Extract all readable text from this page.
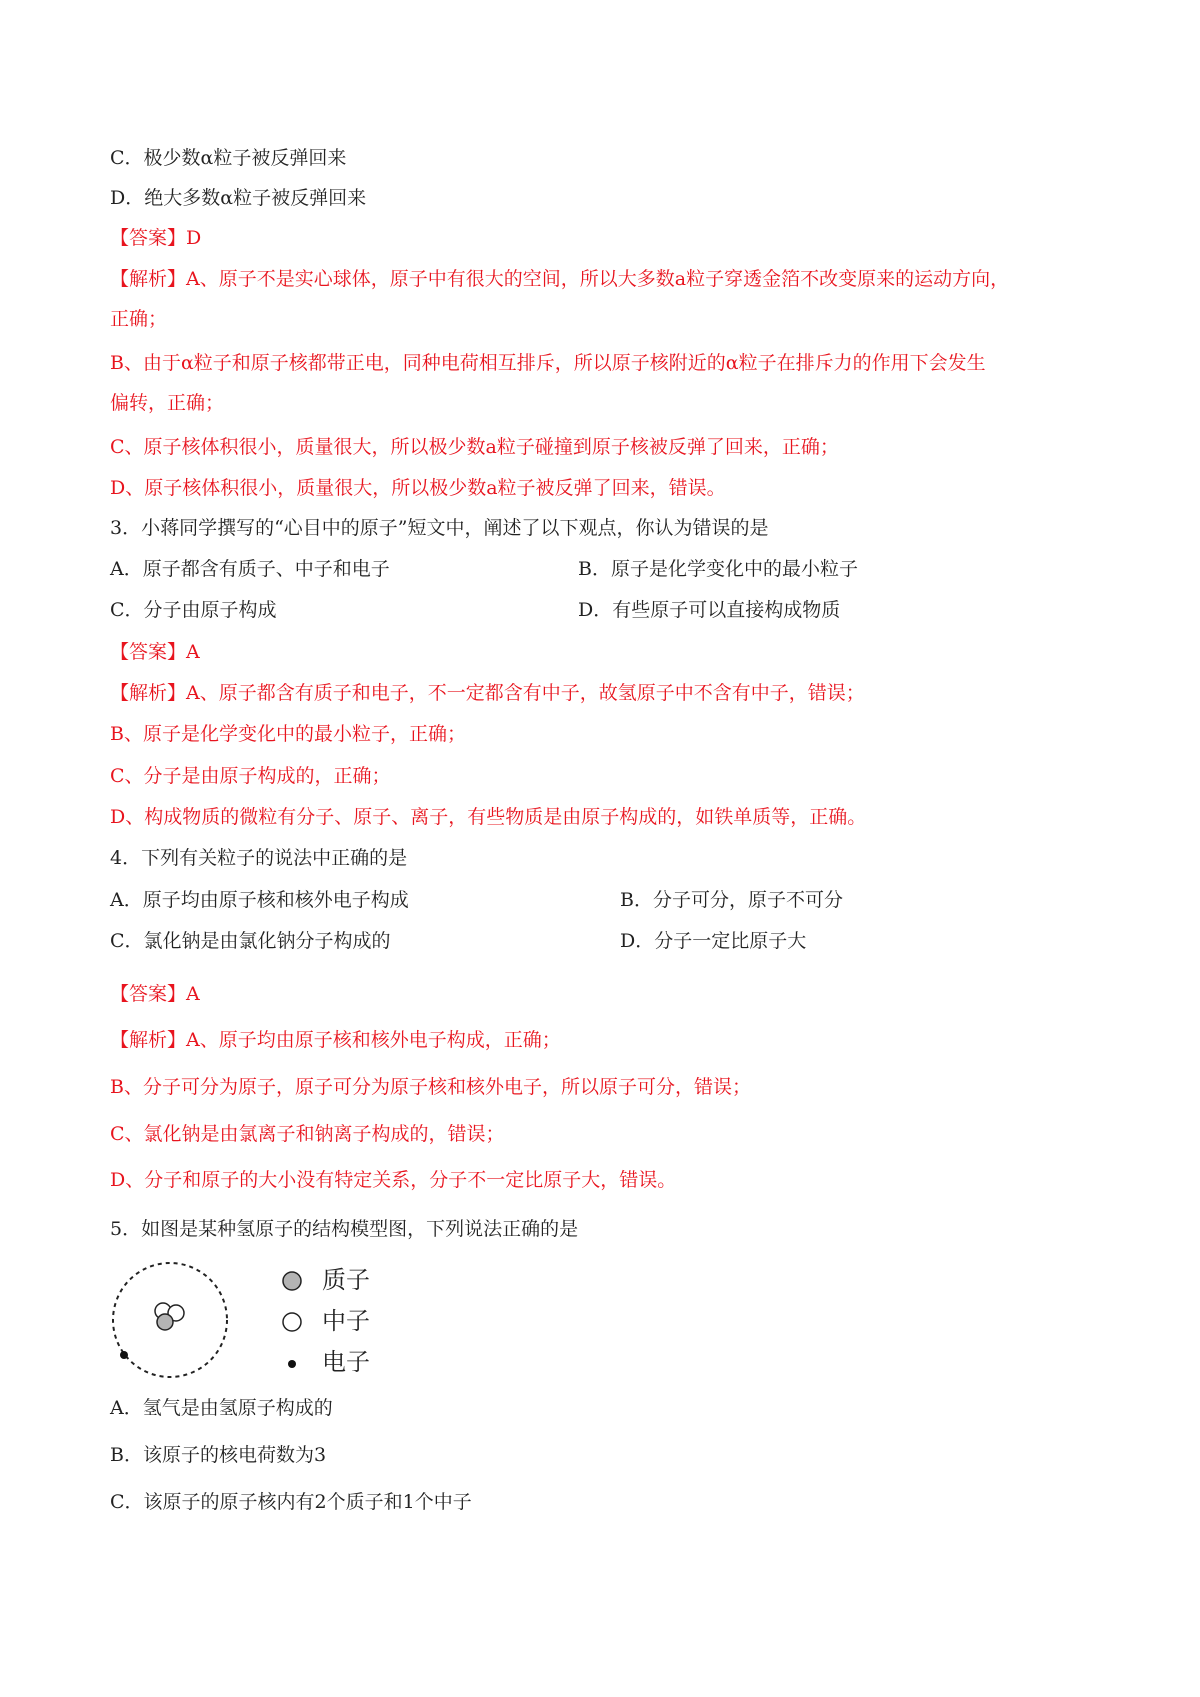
C．极少数α粒子被反弹回来
D．绝大多数α粒子被反弹回来
【答案】D
【解析】A、原子不是实心球体，原子中有很大的空间，所以大多数a粒子穿透金箔不改变原来的运动方向，
正确；
B、由于α粒子和原子核都带正电，同种电荷相互排斥，所以原子核附近的α粒子在排斥力的作用下会发生
偏转，正确；
C、原子核体积很小，质量很大，所以极少数a粒子碰撞到原子核被反弹了回来，正确；
D、原子核体积很小，质量很大，所以极少数a粒子被反弹了回来，错误。
3．小蒋同学撰写的“心目中的原子”短文中，阐述了以下观点，你认为错误的是
A．原子都含有质子、中子和电子	B．原子是化学变化中的最小粒子
C．分子由原子构成	D．有些原子可以直接构成物质
【答案】A
【解析】A、原子都含有质子和电子，不一定都含有中子，故氢原子中不含有中子，错误；
B、原子是化学变化中的最小粒子，正确；
C、分子是由原子构成的，正确；
D、构成物质的微粒有分子、原子、离子，有些物质是由原子构成的，如铁单质等，正确。
4．下列有关粒子的说法中正确的是
A．原子均由原子核和核外电子构成	B．分子可分，原子不可分
C．氯化钠是由氯化钠分子构成的	D．分子一定比原子大
【答案】A
【解析】A、原子均由原子核和核外电子构成，正确；
B、分子可分为原子，原子可分为原子核和核外电子，所以原子可分，错误；
C、氯化钠是由氯离子和钠离子构成的，错误；
D、分子和原子的大小没有特定关系，分子不一定比原子大，错误。
5．如图是某种氢原子的结构模型图，下列说法正确的是
质子
中子
电子
A．氢气是由氢原子构成的
B．该原子的核电荷数为3
C．该原子的原子核内有2个质子和1个中子
